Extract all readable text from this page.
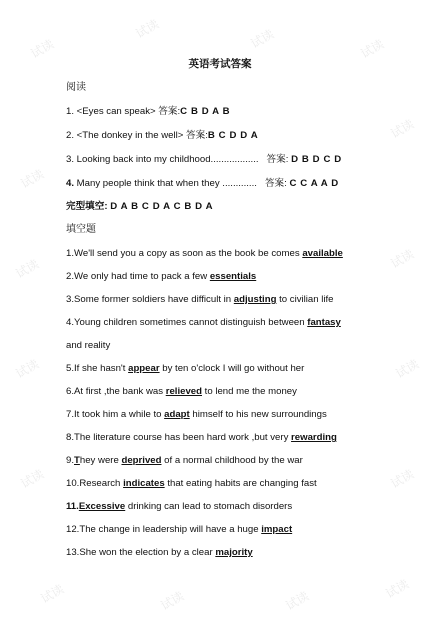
试读
试读	试读	试读
试读
试读
试读	试读
试读	试读
试读	试读
试读	试读	试读	试读
英语考试答案
阅读
1. <Eyes can speak> 答案:C B D A B
2. <The donkey in the well> 答案:B C D D A
3. Looking back into my childhood.................. 答案: D B D C D
4. Many people think that when they ............. 答案: C C A A D
完型填空: D A B C D A C B D A
填空题
1.We'll send you a copy as soon as the book be comes available
2.We only had time to pack a few essentials
3.Some former soldiers have difficult in adjusting to civilian life
4.Young children sometimes cannot distinguish between fantasy
and reality
5.If she hasn't appear by ten o'clock I will go without her
6.At first ,the bank was relieved to lend me the money
7.It took him a while to adapt himself to his new surroundings
8.The literature course has been hard work ,but very rewarding
9.They were deprived of a normal childhood by the war
10.Research indicates that eating habits are changing fast
11.Excessive drinking can lead to stomach disorders
12.The change in leadership will have a huge impact
13.She won the election by a clear majority
